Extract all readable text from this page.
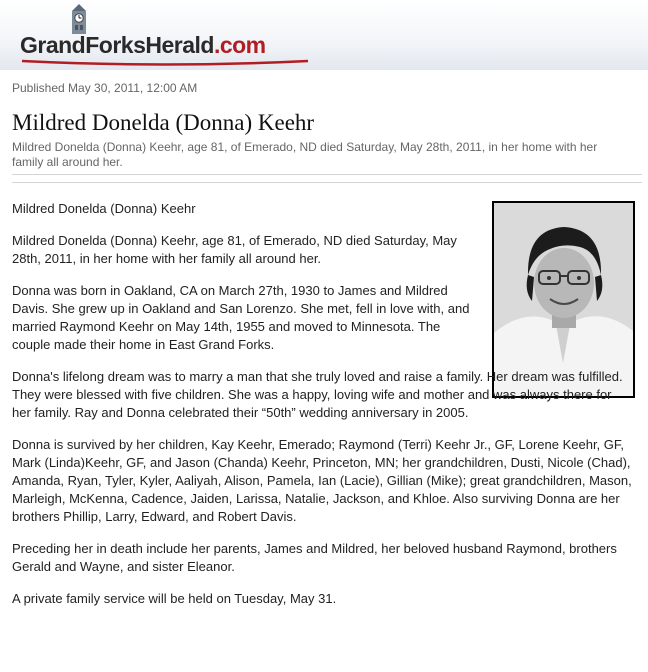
GrandForksHerald.com
Published May 30, 2011, 12:00 AM
Mildred Donelda (Donna) Keehr

Mildred Donelda (Donna) Keehr, age 81, of Emerado, ND died Saturday, May 28th, 2011, in her home with her family all around her.

Mildred Donelda (Donna) Keehr

Mildred Donelda (Donna) Keehr, age 81, of Emerado, ND died Saturday, May 28th, 2011, in her home with her family all around her.

Donna was born in Oakland, CA on March 27th, 1930 to James and Mildred Davis. She grew up in Oakland and San Lorenzo. She met, fell in love with, and married Raymond Keehr on May 14th, 1955 and moved to Minnesota. The couple made their home in East Grand Forks.

Donna's lifelong dream was to marry a man that she truly loved and raise a family. Her dream was fulfilled. They were blessed with five children. She was a happy, loving wife and mother and was always there for her family. Ray and Donna celebrated their “50th” wedding anniversary in 2005.

Donna is survived by her children, Kay Keehr, Emerado; Raymond (Terri) Keehr Jr., GF, Lorene Keehr, GF, Mark (Linda)Keehr, GF, and Jason (Chanda) Keehr, Princeton, MN; her grandchildren, Dusti, Nicole (Chad), Amanda, Ryan, Tyler, Kyler, Aaliyah, Alison, Pamela, Ian (Lacie), Gillian (Mike); great grandchildren, Mason, Marleigh, McKenna, Cadence, Jaiden, Larissa, Natalie, Jackson, and Khloe. Also surviving Donna are her brothers Phillip, Larry, Edward, and Robert Davis.

Preceding her in death include her parents, James and Mildred, her beloved husband Raymond, brothers Gerald and Wayne, and sister Eleanor.

A private family service will be held on Tuesday, May 31.
